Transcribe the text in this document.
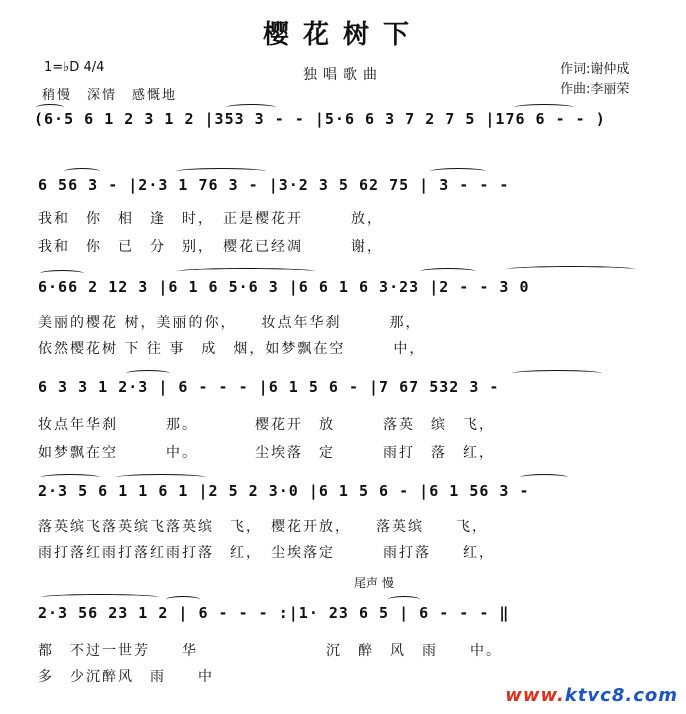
樱花树下
独唱歌曲
1=♭D 4/4
稍慢　深情　感慨地
作词:谢仲成
作曲:李丽荣
(6·5 6 1 2 3 1 2 |353 3 - - |5·6 6 3 7 2 7 5 |176 6 - - )
6 56 3 - |2·3 1 76 3 - |3·2 3 5 62 75 | 3 - - -
我和　你　相　逢　时，　正是樱花开　　　放，
我和　你　已　分　别，　樱花已经凋　　　谢，
6·66 2 12 3 |6 1 6 5·6 3 |6 6 1 6 3·23 |2 - - 3 0
美丽的樱花 树，美丽的你，　　妆点年华刹　　　那，
依然樱花树 下 往 事　成　烟，如梦飘在空　　　中，
6 3 3 1 2·3 | 6 - - - |6 1 5 6 - |7 67 532 3 -
妆点年华刹　　　那。　　　　樱花开　放　　　落英　缤　飞，
如梦飘在空　　　中。　　　　尘埃落　定　　　雨打　落　红，
2·3 5 6 1 1 6 1 |2 5 2 3·0 |6 1 5 6 - |6 1 56 3 -
落英缤飞落英缤飞落英缤　飞，　樱花开放，　　落英缤　　飞，
雨打落红雨打落红雨打落　红，　尘埃落定　　　雨打落　　红，
尾声 慢
2·3 56 23 1 2 | 6 - - - :|1· 23 6 5 | 6 - - - ‖
都　不过一世芳　　华　　　　　　　　沉　醉　风　雨　　中。
多　少沉醉风　雨　　中
www.ktvc8.com
